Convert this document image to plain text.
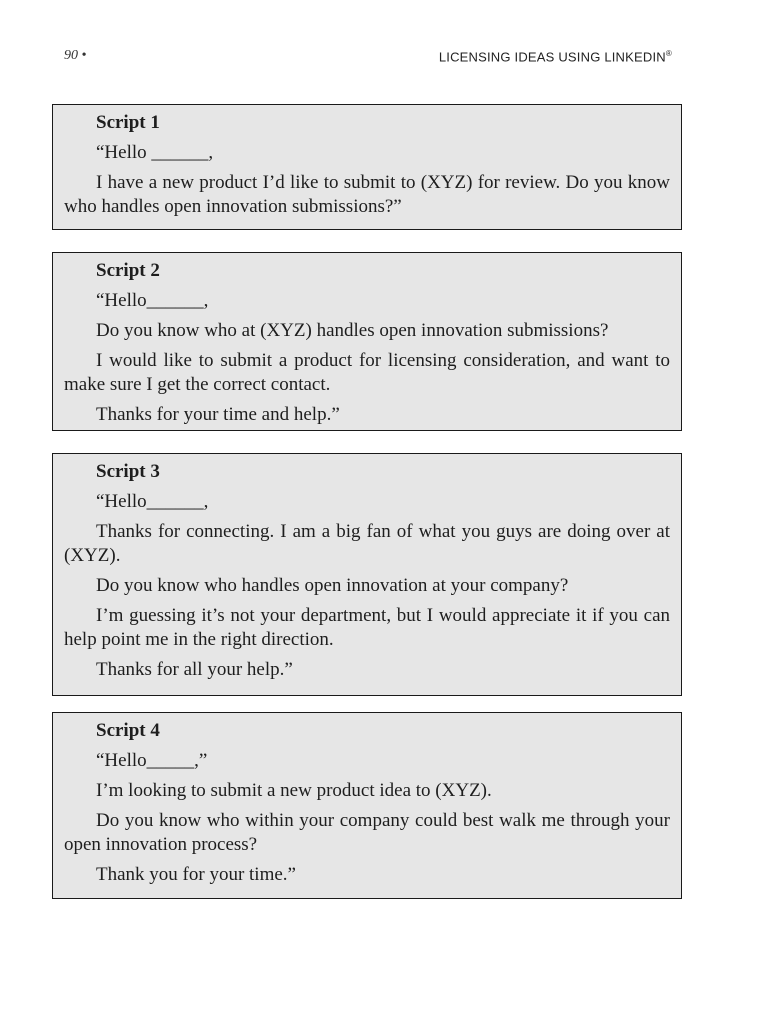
90 •	LICENSING IDEAS USING LINKEDIN®

Script 1

“Hello ______,

I have a new product I’d like to submit to (XYZ) for review. Do you know who handles open innovation submissions?”

Script 2

“Hello______,

Do you know who at (XYZ) handles open innovation submissions?

I would like to submit a product for licensing consideration, and want to make sure I get the correct contact.

Thanks for your time and help.”

Script 3

“Hello______,

Thanks for connecting. I am a big fan of what you guys are doing over at (XYZ).

Do you know who handles open innovation at your company?

I’m guessing it’s not your department, but I would appreciate it if you can help point me in the right direction.

Thanks for all your help.”

Script 4

“Hello_____,”

I’m looking to submit a new product idea to (XYZ).

Do you know who within your company could best walk me through your open innovation process?

Thank you for your time.”
